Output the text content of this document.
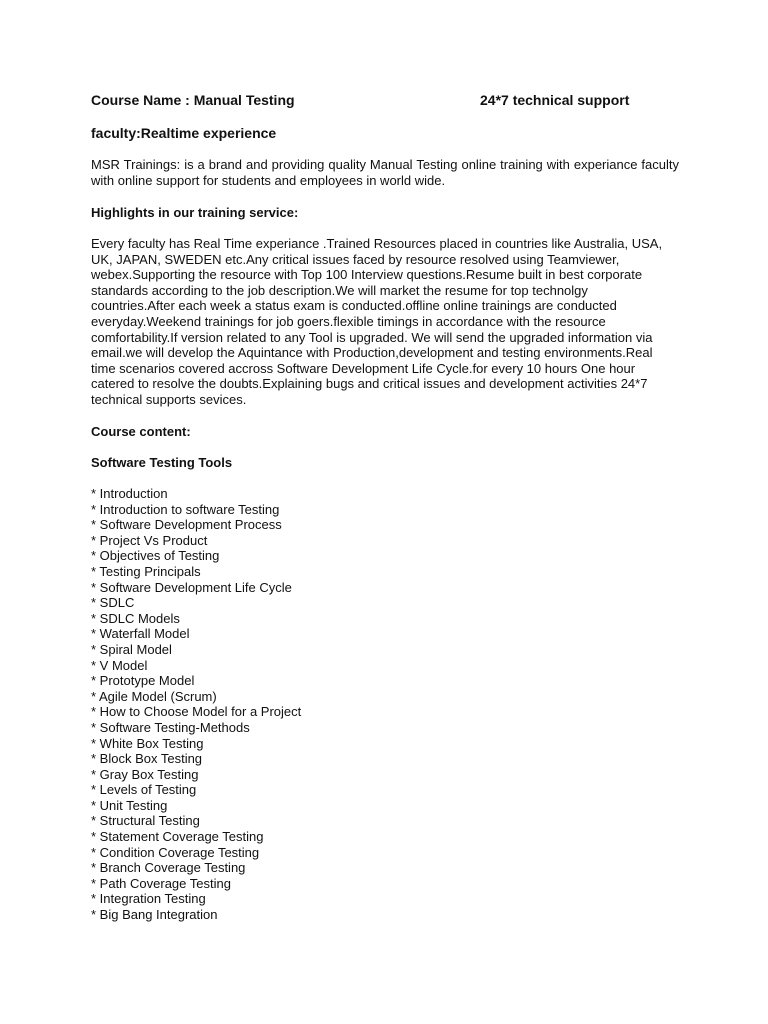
Course Name : Manual Testing	24*7 technical support
faculty:Realtime experience

MSR Trainings: is a brand and providing quality Manual Testing online training with experiance faculty with online support for students and employees in world wide.

Highlights in our training service:
Every faculty has Real Time experiance .Trained Resources placed in countries like Australia, USA,
UK, JAPAN, SWEDEN etc.Any critical issues faced by resource resolved using Teamviewer,
webex.Supporting the resource with Top 100 Interview questions.Resume built in best corporate
standards according to the job description.We will market the resume for top technolgy
countries.After each week a status exam is conducted.offline online trainings are conducted
everyday.Weekend trainings for job goers.flexible timings in accordance with the resource
comfortability.If version related to any Tool is upgraded. We will send the upgraded information via
email.we will develop the Aquintance with Production,development and testing environments.Real
time scenarios covered accross Software Development Life Cycle.for every 10 hours One hour
catered to resolve the doubts.Explaining bugs and critical issues and development activities 24*7
technical supports sevices.
Course content:
Software Testing Tools
* Introduction
* Introduction to software Testing
* Software Development Process
* Project Vs Product
* Objectives of Testing
* Testing Principals
* Software Development Life Cycle
* SDLC
* SDLC Models
* Waterfall Model
* Spiral Model
* V Model
* Prototype Model
* Agile Model (Scrum)
* How to Choose Model for a Project
* Software Testing-Methods
* White Box Testing
* Block Box Testing
* Gray Box Testing
* Levels of Testing
* Unit Testing
* Structural Testing
* Statement Coverage Testing
* Condition Coverage Testing
* Branch Coverage Testing
* Path Coverage Testing
* Integration Testing
* Big Bang Integration
